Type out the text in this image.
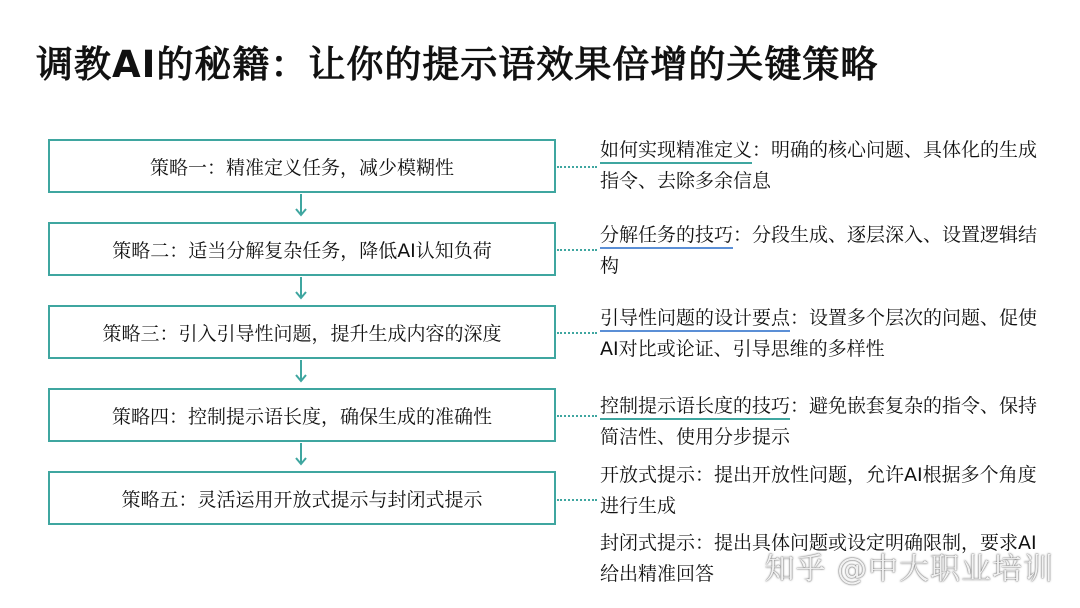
调教AI的秘籍：让你的提示语效果倍增的关键策略
策略一：精准定义任务，减少模糊性
策略二：适当分解复杂任务，降低AI认知负荷
策略三：引入引导性问题，提升生成内容的深度
策略四：控制提示语长度，确保生成的准确性
策略五：灵活运用开放式提示与封闭式提示
如何实现精准定义：明确的核心问题、具体化的生成指令、去除多余信息
分解任务的技巧：分段生成、逐层深入、设置逻辑结构
引导性问题的设计要点：设置多个层次的问题、促使AI对比或论证、引导思维的多样性
控制提示语长度的技巧：避免嵌套复杂的指令、保持简洁性、使用分步提示
开放式提示：提出开放性问题，允许AI根据多个角度进行生成
封闭式提示：提出具体问题或设定明确限制，要求AI给出精准回答	知乎 @中大职业培训
